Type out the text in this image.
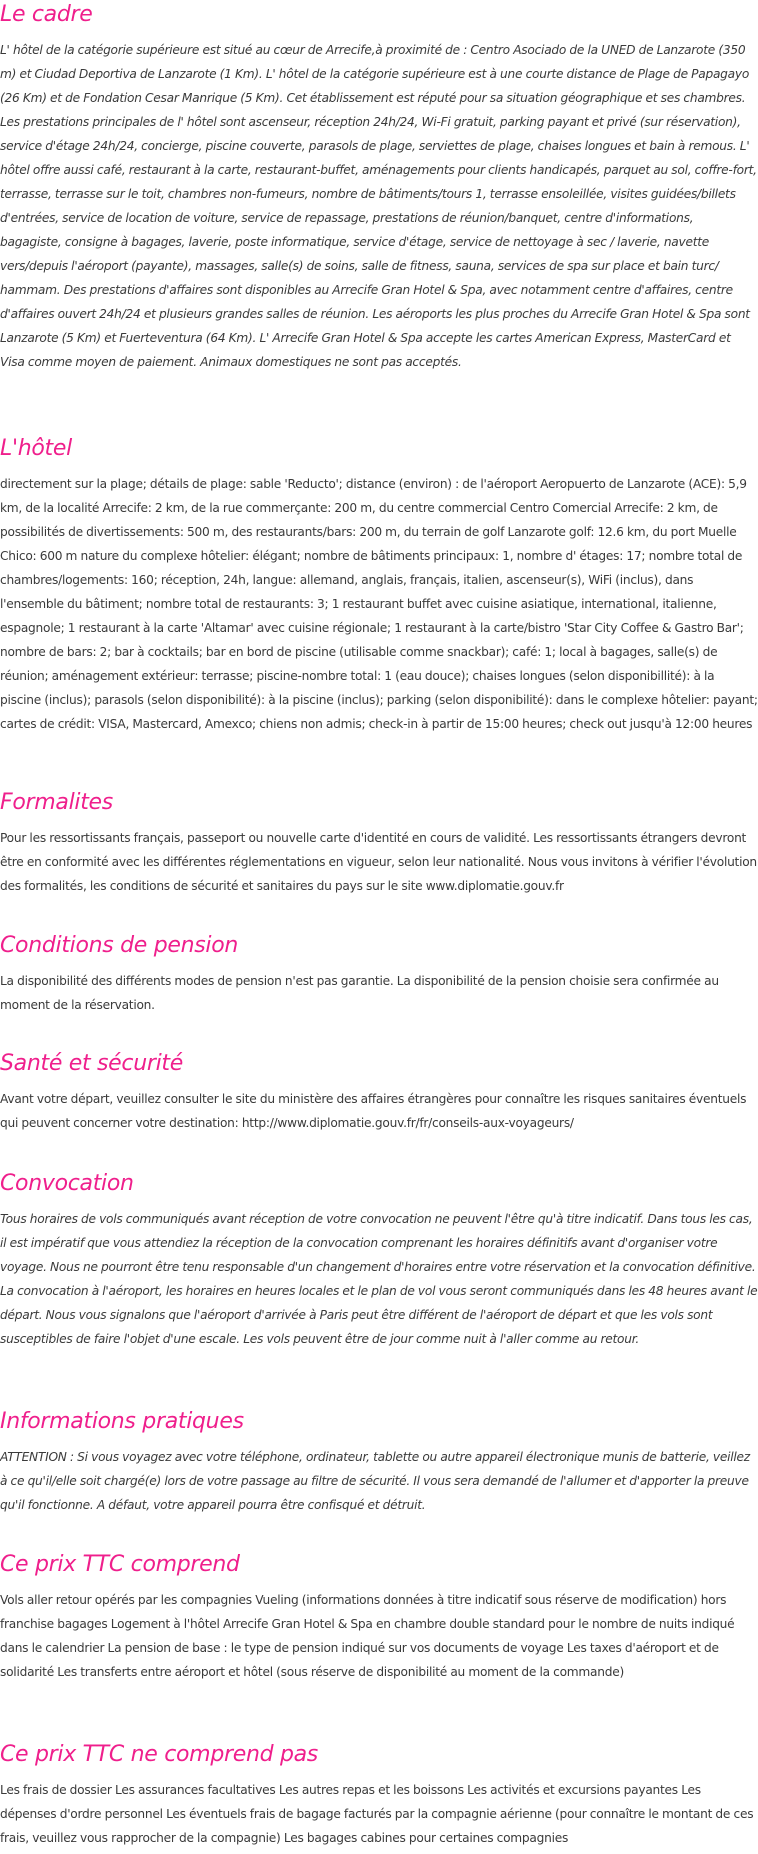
Le cadre

L' hôtel de la catégorie supérieure est situé au cœur de Arrecife,à proximité de : Centro Asociado de la UNED de Lanzarote (350 m) et Ciudad Deportiva de Lanzarote (1 Km). L' hôtel de la catégorie supérieure est à une courte distance de Plage de Papagayo (26 Km) et de Fondation Cesar Manrique (5 Km). Cet établissement est réputé pour sa situation géographique et ses chambres. Les prestations principales de l' hôtel sont ascenseur, réception 24h/24, Wi-Fi gratuit, parking payant et privé (sur réservation), service d'étage 24h/24, concierge, piscine couverte, parasols de plage, serviettes de plage, chaises longues et bain à remous. L' hôtel offre aussi café, restaurant à la carte, restaurant-buffet, aménagements pour clients handicapés, parquet au sol, coffre-fort, terrasse, terrasse sur le toit, chambres non-fumeurs, nombre de bâtiments/tours 1, terrasse ensoleillée, visites guidées/billets d'entrées, service de location de voiture, service de repassage, prestations de réunion/banquet, centre d'informations, bagagiste, consigne à bagages, laverie, poste informatique, service d'étage, service de nettoyage à sec / laverie, navette vers/depuis l'aéroport (payante), massages, salle(s) de soins, salle de fitness, sauna, services de spa sur place et bain turc/ hammam. Des prestations d'affaires sont disponibles au Arrecife Gran Hotel & Spa, avec notamment centre d'affaires, centre d'affaires ouvert 24h/24 et plusieurs grandes salles de réunion. Les aéroports les plus proches du Arrecife Gran Hotel & Spa sont Lanzarote (5 Km) et Fuerteventura (64 Km). L' Arrecife Gran Hotel & Spa accepte les cartes American Express, MasterCard et Visa comme moyen de paiement. Animaux domestiques ne sont pas acceptés.

L'hôtel

directement sur la plage; détails de plage: sable 'Reducto'; distance (environ) : de l'aéroport Aeropuerto de Lanzarote (ACE): 5,9 km, de la localité Arrecife: 2 km, de la rue commerçante: 200 m, du centre commercial Centro Comercial Arrecife: 2 km, de possibilités de divertissements: 500 m, des restaurants/bars: 200 m, du terrain de golf Lanzarote golf: 12.6 km, du port Muelle Chico: 600 m nature du complexe hôtelier: élégant; nombre de bâtiments principaux: 1, nombre d' étages: 17; nombre total de chambres/logements: 160; réception, 24h, langue: allemand, anglais, français, italien, ascenseur(s), WiFi (inclus), dans l'ensemble du bâtiment; nombre total de restaurants: 3; 1 restaurant buffet avec cuisine asiatique, international, italienne, espagnole; 1 restaurant à la carte 'Altamar' avec cuisine régionale; 1 restaurant à la carte/bistro 'Star City Coffee & Gastro Bar'; nombre de bars: 2; bar à cocktails; bar en bord de piscine (utilisable comme snackbar); café: 1; local à bagages, salle(s) de réunion; aménagement extérieur: terrasse; piscine-nombre total: 1 (eau douce); chaises longues (selon disponibillité): à la piscine (inclus); parasols (selon disponibilité): à la piscine (inclus); parking (selon disponibilité): dans le complexe hôtelier: payant; cartes de crédit: VISA, Mastercard, Amexco; chiens non admis; check-in à partir de 15:00 heures; check out jusqu'à 12:00 heures

Formalites

Pour les ressortissants français, passeport ou nouvelle carte d'identité en cours de validité. Les ressortissants étrangers devront être en conformité avec les différentes réglementations en vigueur, selon leur nationalité. Nous vous invitons à vérifier l'évolution des formalités, les conditions de sécurité et sanitaires du pays sur le site www.diplomatie.gouv.fr

Conditions de pension

La disponibilité des différents modes de pension n'est pas garantie. La disponibilité de la pension choisie sera confirmée au moment de la réservation.

Santé et sécurité

Avant votre départ, veuillez consulter le site du ministère des affaires étrangères pour connaître les risques sanitaires éventuels qui peuvent concerner votre destination: http://www.diplomatie.gouv.fr/fr/conseils-aux-voyageurs/

Convocation

Tous horaires de vols communiqués avant réception de votre convocation ne peuvent l'être qu'à titre indicatif. Dans tous les cas, il est impératif que vous attendiez la réception de la convocation comprenant les horaires définitifs avant d'organiser votre voyage. Nous ne pourront être tenu responsable d'un changement d'horaires entre votre réservation et la convocation définitive. La convocation à l'aéroport, les horaires en heures locales et le plan de vol vous seront communiqués dans les 48 heures avant le départ. Nous vous signalons que l'aéroport d'arrivée à Paris peut être différent de l'aéroport de départ et que les vols sont susceptibles de faire l'objet d'une escale. Les vols peuvent être de jour comme nuit à l'aller comme au retour.

Informations pratiques

ATTENTION : Si vous voyagez avec votre téléphone, ordinateur, tablette ou autre appareil électronique munis de batterie, veillez à ce qu'il/elle soit chargé(e) lors de votre passage au filtre de sécurité. Il vous sera demandé de l'allumer et d'apporter la preuve qu'il fonctionne. A défaut, votre appareil pourra être confisqué et détruit.

Ce prix TTC comprend

Vols aller retour opérés par les compagnies Vueling (informations données à titre indicatif sous réserve de modification) hors franchise bagages Logement à l'hôtel Arrecife Gran Hotel & Spa en chambre double standard pour le nombre de nuits indiqué dans le calendrier La pension de base : le type de pension indiqué sur vos documents de voyage Les taxes d'aéroport et de solidarité Les transferts entre aéroport et hôtel (sous réserve de disponibilité au moment de la commande)

Ce prix TTC ne comprend pas

Les frais de dossier Les assurances facultatives Les autres repas et les boissons Les activités et excursions payantes Les dépenses d'ordre personnel Les éventuels frais de bagage facturés par la compagnie aérienne (pour connaître le montant de ces frais, veuillez vous rapprocher de la compagnie) Les bagages cabines pour certaines compagnies
